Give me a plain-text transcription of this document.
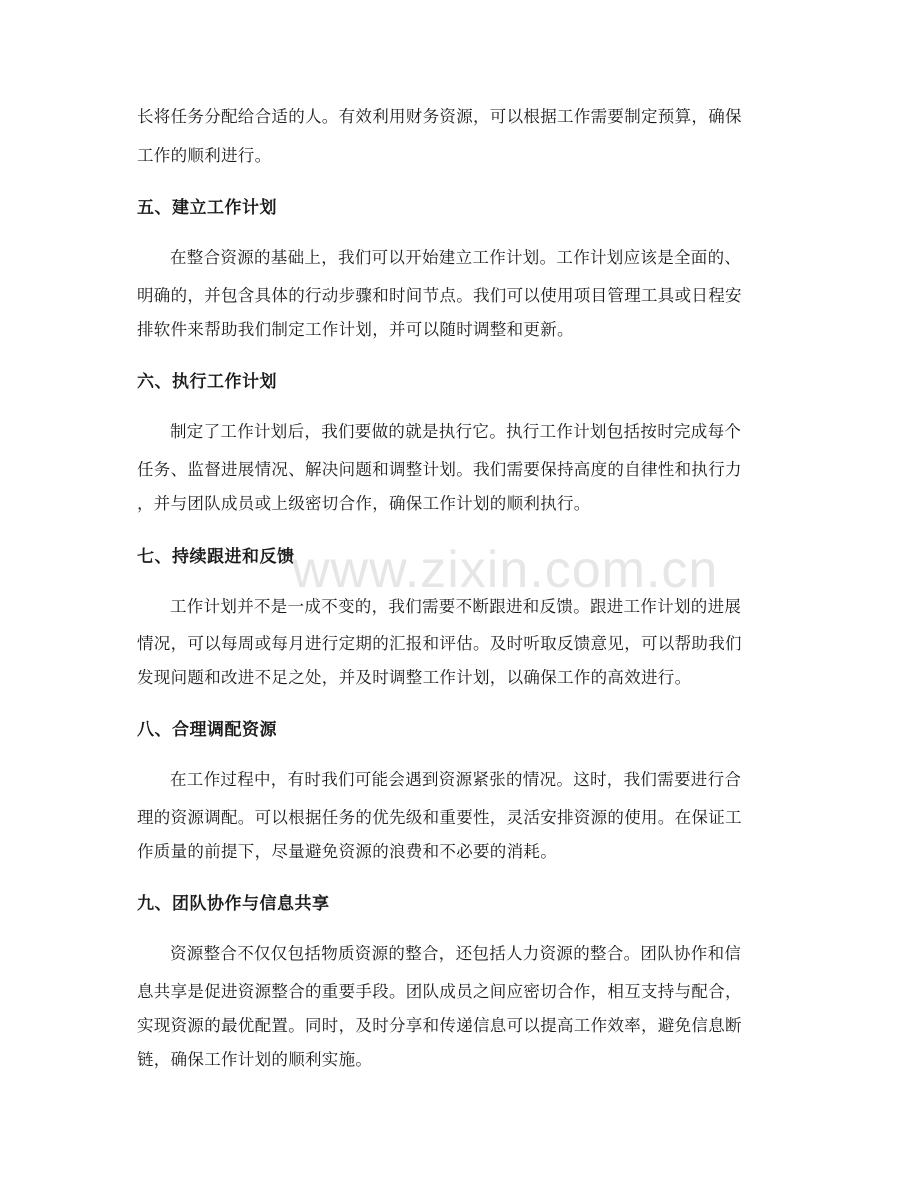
www.zixin.com.cn

长将任务分配给合适的人。有效利用财务资源，可以根据工作需要制定预算，确保

工作的顺利进行。

五、建立工作计划

在整合资源的基础上，我们可以开始建立工作计划。工作计划应该是全面的、

明确的，并包含具体的行动步骤和时间节点。我们可以使用项目管理工具或日程安

排软件来帮助我们制定工作计划，并可以随时调整和更新。

六、执行工作计划

制定了工作计划后，我们要做的就是执行它。执行工作计划包括按时完成每个

任务、监督进展情况、解决问题和调整计划。我们需要保持高度的自律性和执行力

，并与团队成员或上级密切合作，确保工作计划的顺利执行。

七、持续跟进和反馈

工作计划并不是一成不变的，我们需要不断跟进和反馈。跟进工作计划的进展

情况，可以每周或每月进行定期的汇报和评估。及时听取反馈意见，可以帮助我们

发现问题和改进不足之处，并及时调整工作计划，以确保工作的高效进行。

八、合理调配资源

在工作过程中，有时我们可能会遇到资源紧张的情况。这时，我们需要进行合

理的资源调配。可以根据任务的优先级和重要性，灵活安排资源的使用。在保证工

作质量的前提下，尽量避免资源的浪费和不必要的消耗。

九、团队协作与信息共享

资源整合不仅仅包括物质资源的整合，还包括人力资源的整合。团队协作和信

息共享是促进资源整合的重要手段。团队成员之间应密切合作，相互支持与配合，

实现资源的最优配置。同时，及时分享和传递信息可以提高工作效率，避免信息断

链，确保工作计划的顺利实施。
